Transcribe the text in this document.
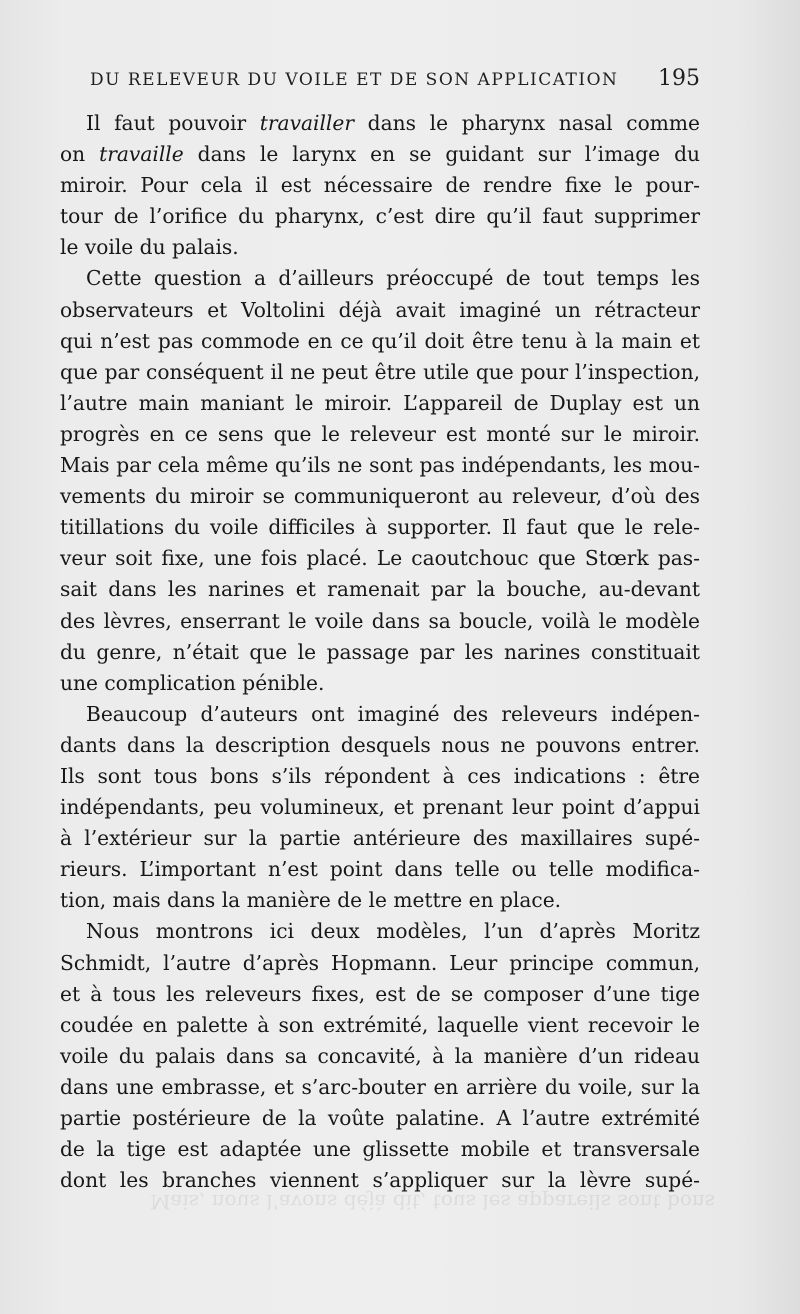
DU RELEVEUR DU VOILE ET DE SON APPLICATION 195
Il faut pouvoir travailler dans le pharynx nasal comme
on travaille dans le larynx en se guidant sur l’image du
miroir. Pour cela il est nécessaire de rendre fixe le pour-
tour de l’orifice du pharynx, c’est dire qu’il faut supprimer
le voile du palais.
Cette question a d’ailleurs préoccupé de tout temps les
observateurs et Voltolini déjà avait imaginé un rétracteur
qui n’est pas commode en ce qu’il doit être tenu à la main et
que par conséquent il ne peut être utile que pour l’inspection,
l’autre main maniant le miroir. L’appareil de Duplay est un
progrès en ce sens que le releveur est monté sur le miroir.
Mais par cela même qu’ils ne sont pas indépendants, les mou-
vements du miroir se communiqueront au releveur, d’où des
titillations du voile difficiles à supporter. Il faut que le rele-
veur soit fixe, une fois placé. Le caoutchouc que Stœrk pas-
sait dans les narines et ramenait par la bouche, au-devant
des lèvres, enserrant le voile dans sa boucle, voilà le modèle
du genre, n’était que le passage par les narines constituait
une complication pénible.
Beaucoup d’auteurs ont imaginé des releveurs indépen-
dants dans la description desquels nous ne pouvons entrer.
Ils sont tous bons s’ils répondent à ces indications : être
indépendants, peu volumineux, et prenant leur point d’appui
à l’extérieur sur la partie antérieure des maxillaires supé-
rieurs. L’important n’est point dans telle ou telle modifica-
tion, mais dans la manière de le mettre en place.
Nous montrons ici deux modèles, l’un d’après Moritz
Schmidt, l’autre d’après Hopmann. Leur principe commun,
et à tous les releveurs fixes, est de se composer d’une tige
coudée en palette à son extrémité, laquelle vient recevoir le
voile du palais dans sa concavité, à la manière d’un rideau
dans une embrasse, et s’arc-bouter en arrière du voile, sur la
partie postérieure de la voûte palatine. A l’autre extrémité
de la tige est adaptée une glissette mobile et transversale
dont les branches viennent s’appliquer sur la lèvre supé-
Mais, nous l’avons déjà dit, tous les appareils sont bons
